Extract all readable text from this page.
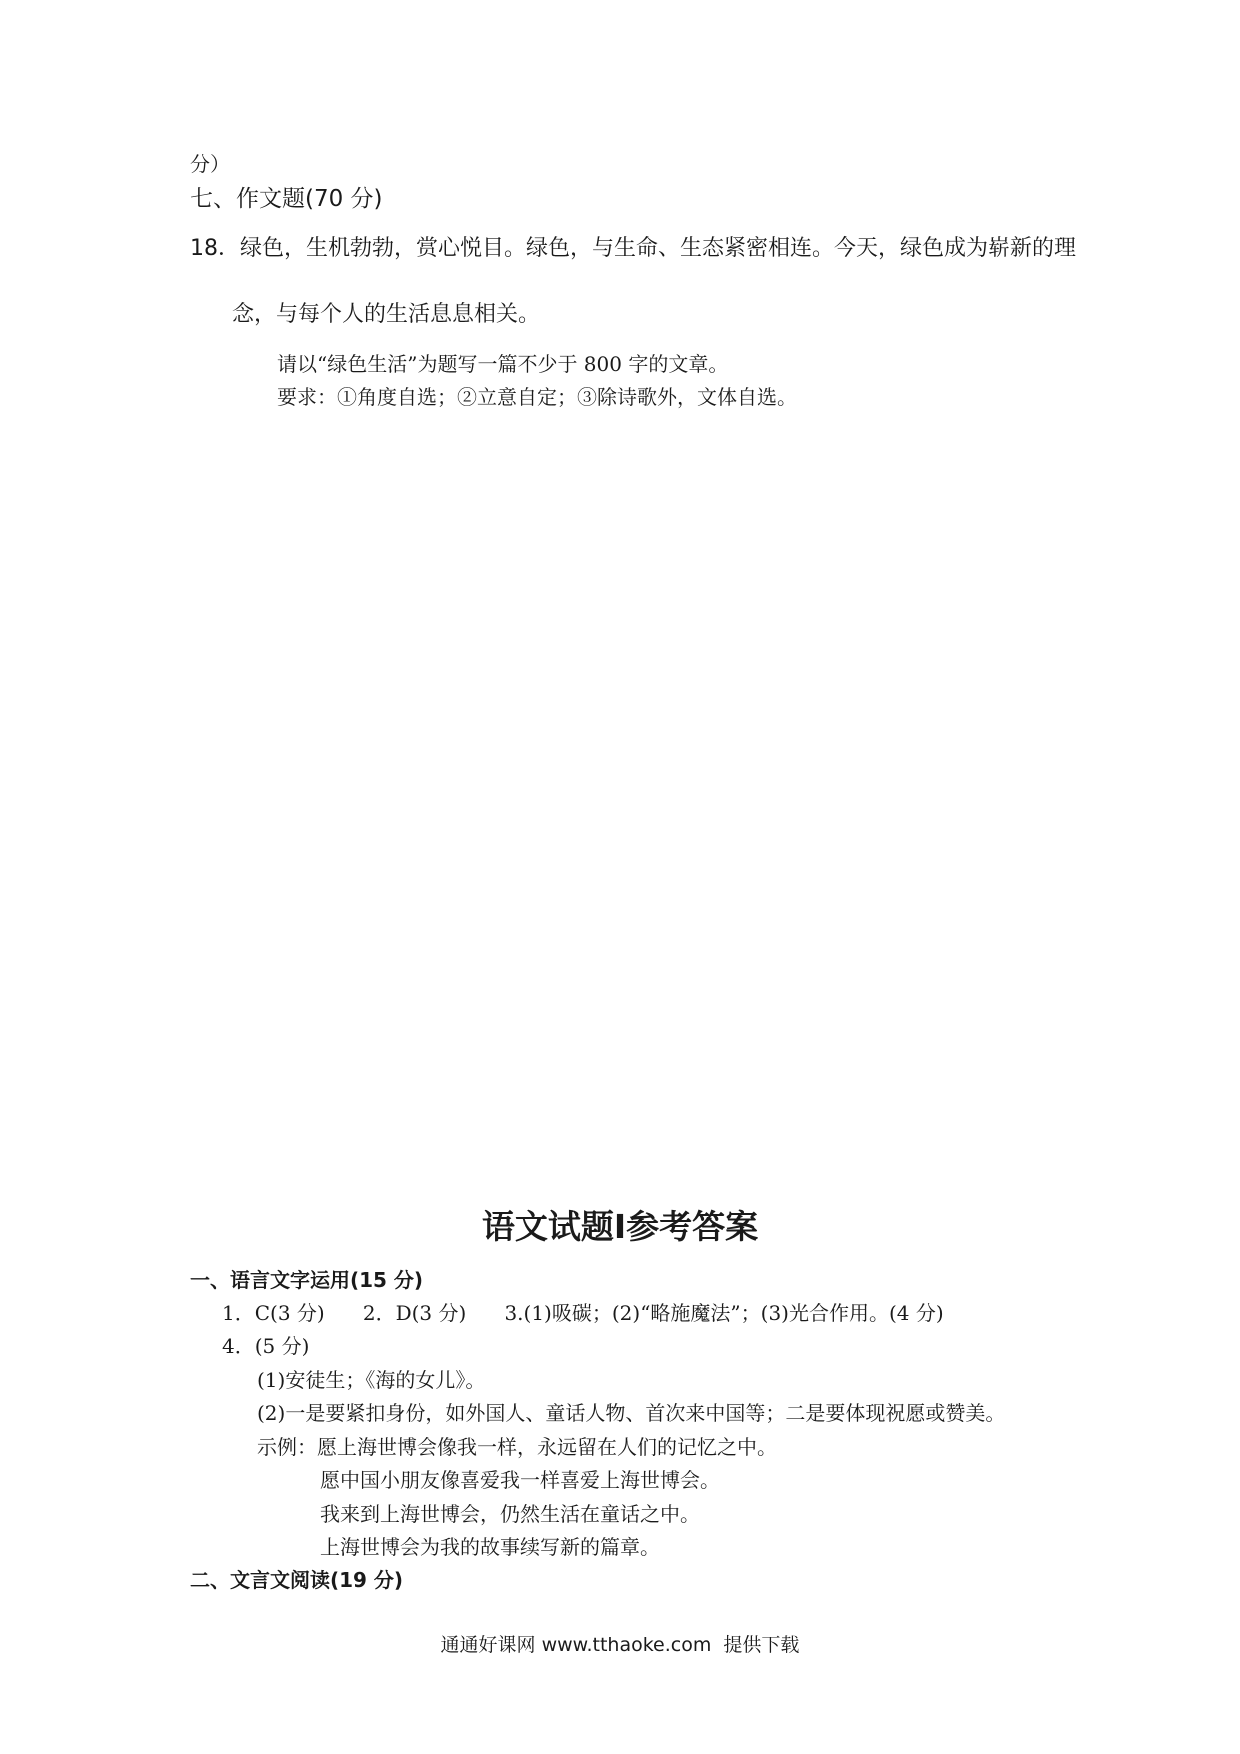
分）
七、作文题(70 分)
18．绿色，生机勃勃，赏心悦目。绿色，与生命、生态紧密相连。今天，绿色成为崭新的理
念，与每个人的生活息息相关。
请以“绿色生活”为题写一篇不少于 800 字的文章。
要求：①角度自选；②立意自定；③除诗歌外，文体自选。
语文试题Ⅰ参考答案
一、语言文字运用(15 分)
1．C(3 分)      2．D(3 分)      3.(1)吸碳；(2)“略施魔法”；(3)光合作用。(4 分)
4．(5 分)
(1)安徒生；《海的女儿》。
(2)一是要紧扣身份，如外国人、童话人物、首次来中国等；二是要体现祝愿或赞美。
示例：愿上海世博会像我一样，永远留在人们的记忆之中。
愿中国小朋友像喜爱我一样喜爱上海世博会。
我来到上海世博会，仍然生活在童话之中。
上海世博会为我的故事续写新的篇章。
二、文言文阅读(19 分)
通通好课网 www.tthaoke.com  提供下载
